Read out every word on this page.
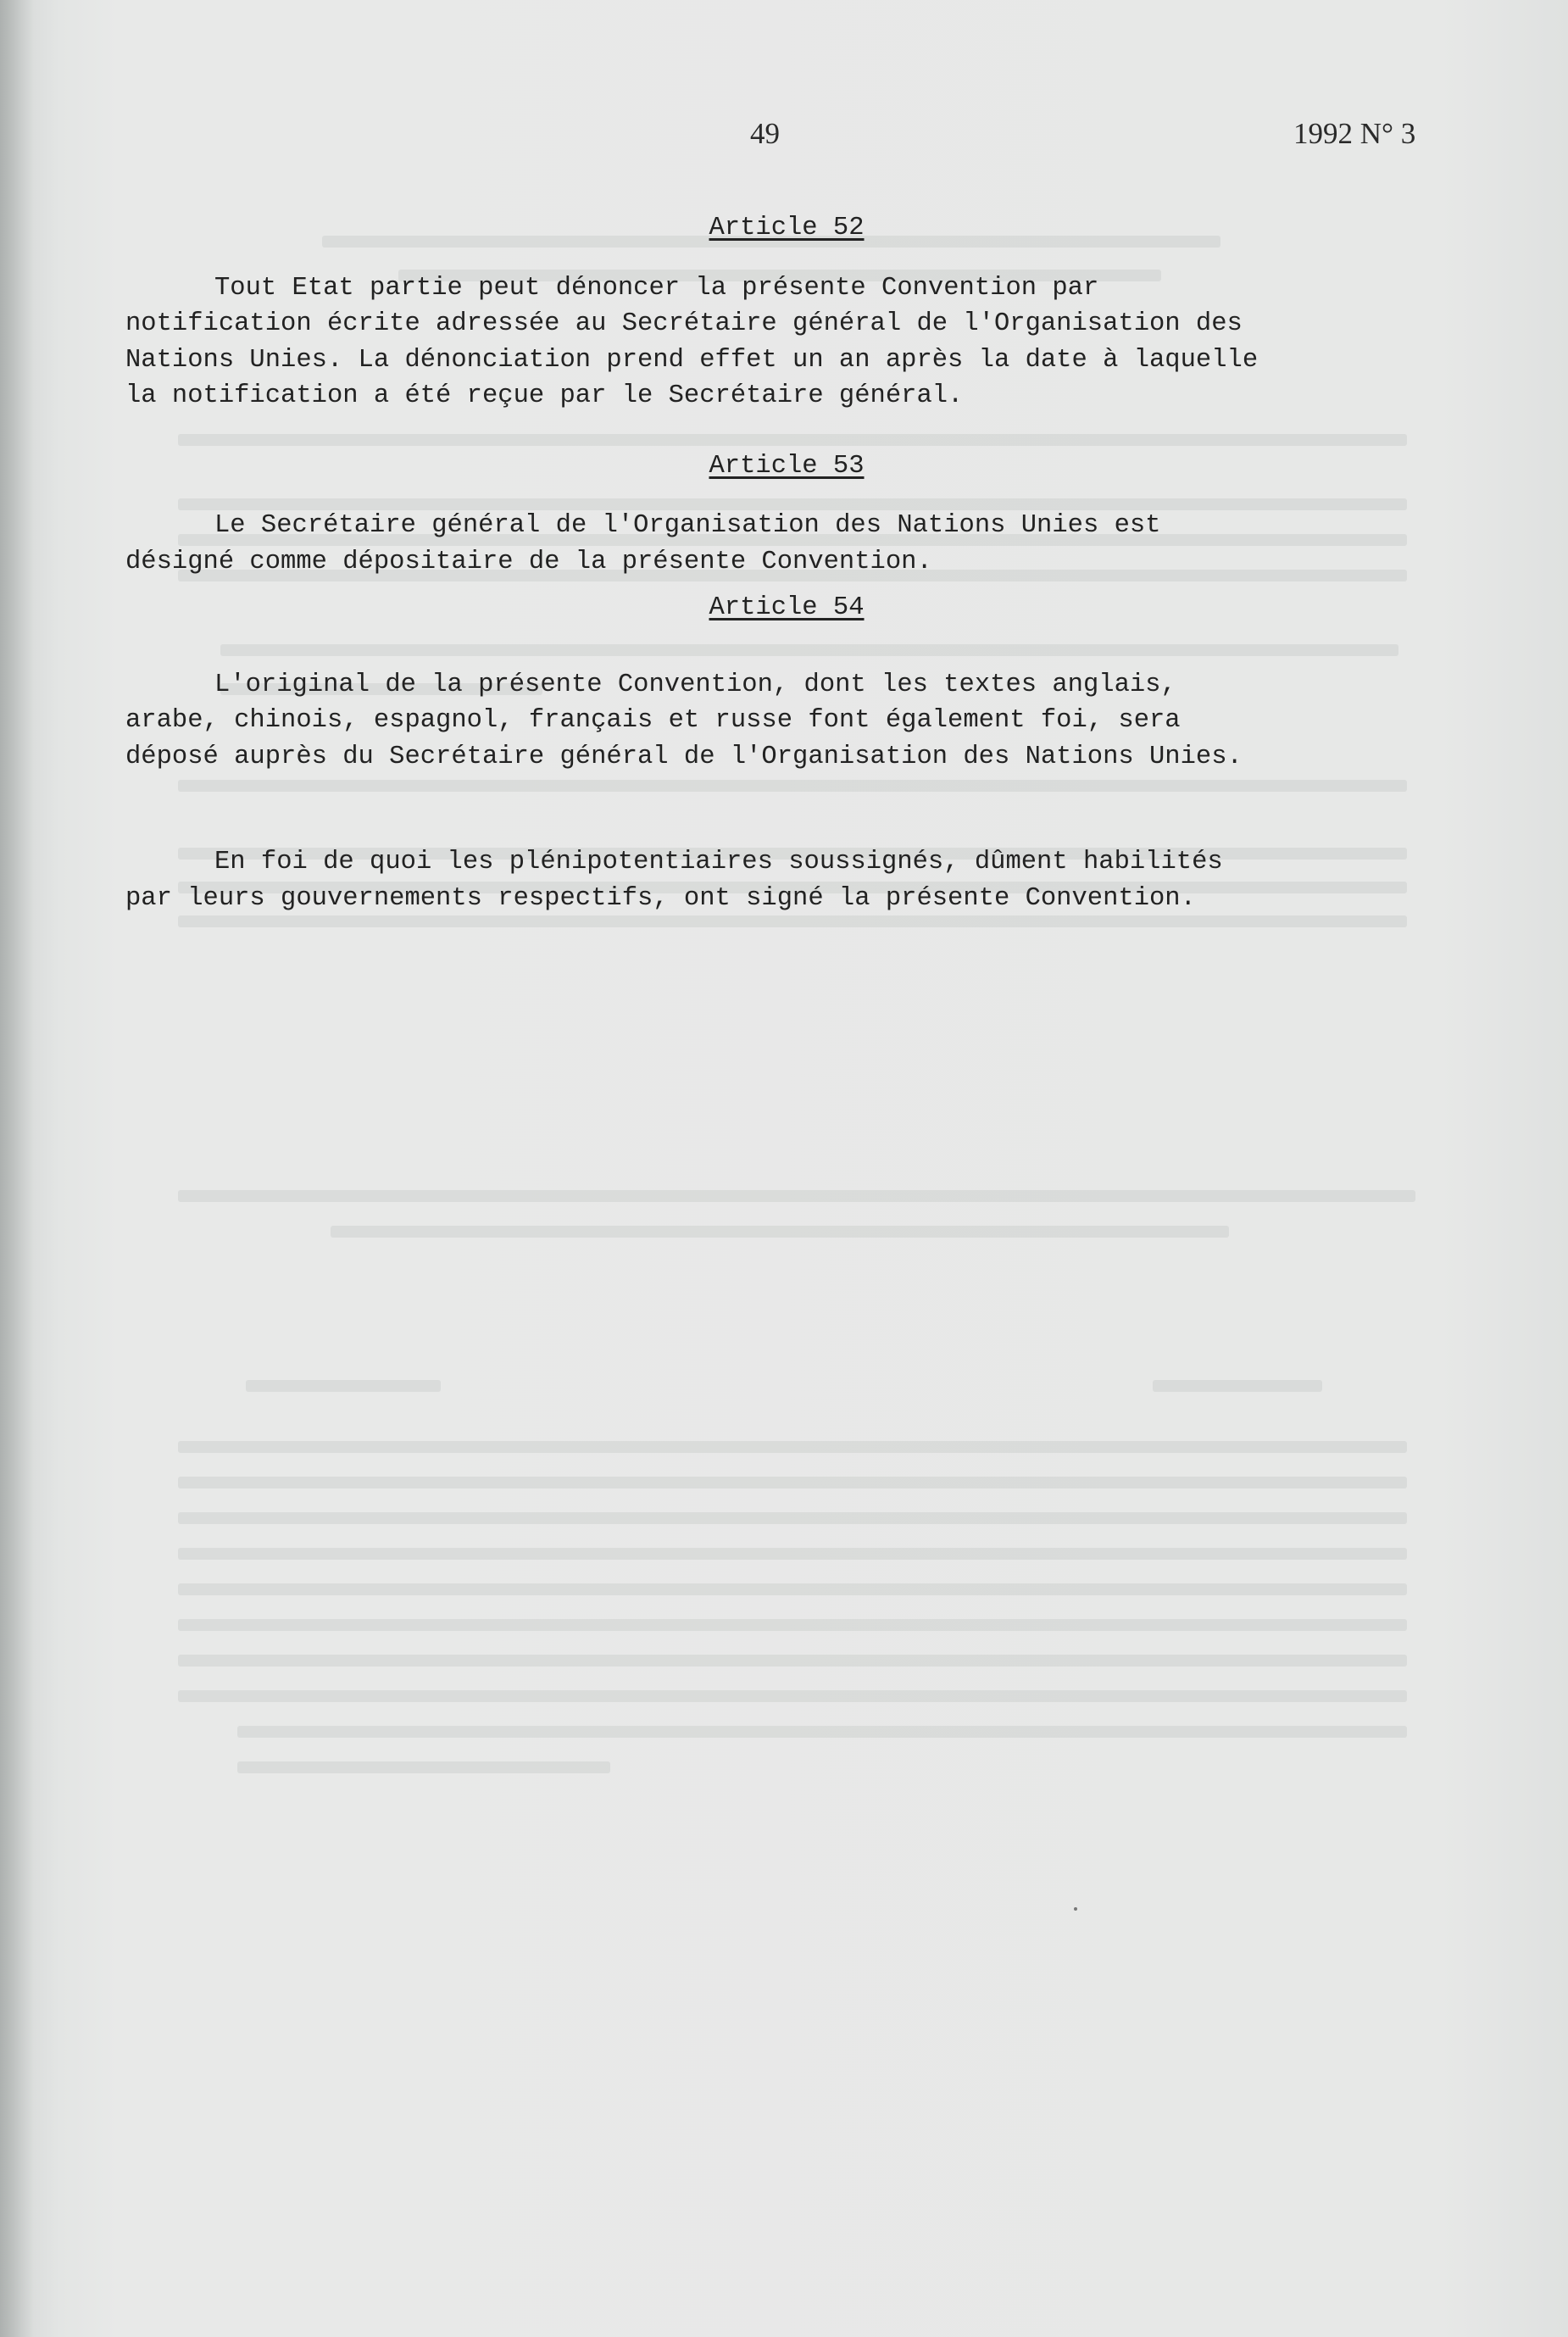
49	1992 N° 3
Article 52

Tout Etat partie peut dénoncer la présente Convention par
notification écrite adressée au Secrétaire général de l'Organisation des
Nations Unies. La dénonciation prend effet un an après la date à laquelle
la notification a été reçue par le Secrétaire général.

Article 53

Le Secrétaire général de l'Organisation des Nations Unies est
désigné comme dépositaire de la présente Convention.

Article 54

L'original de la présente Convention, dont les textes anglais,
arabe, chinois, espagnol, français et russe font également foi, sera
déposé auprès du Secrétaire général de l'Organisation des Nations Unies.

En foi de quoi les plénipotentiaires soussignés, dûment habilités
par leurs gouvernements respectifs, ont signé la présente Convention.
